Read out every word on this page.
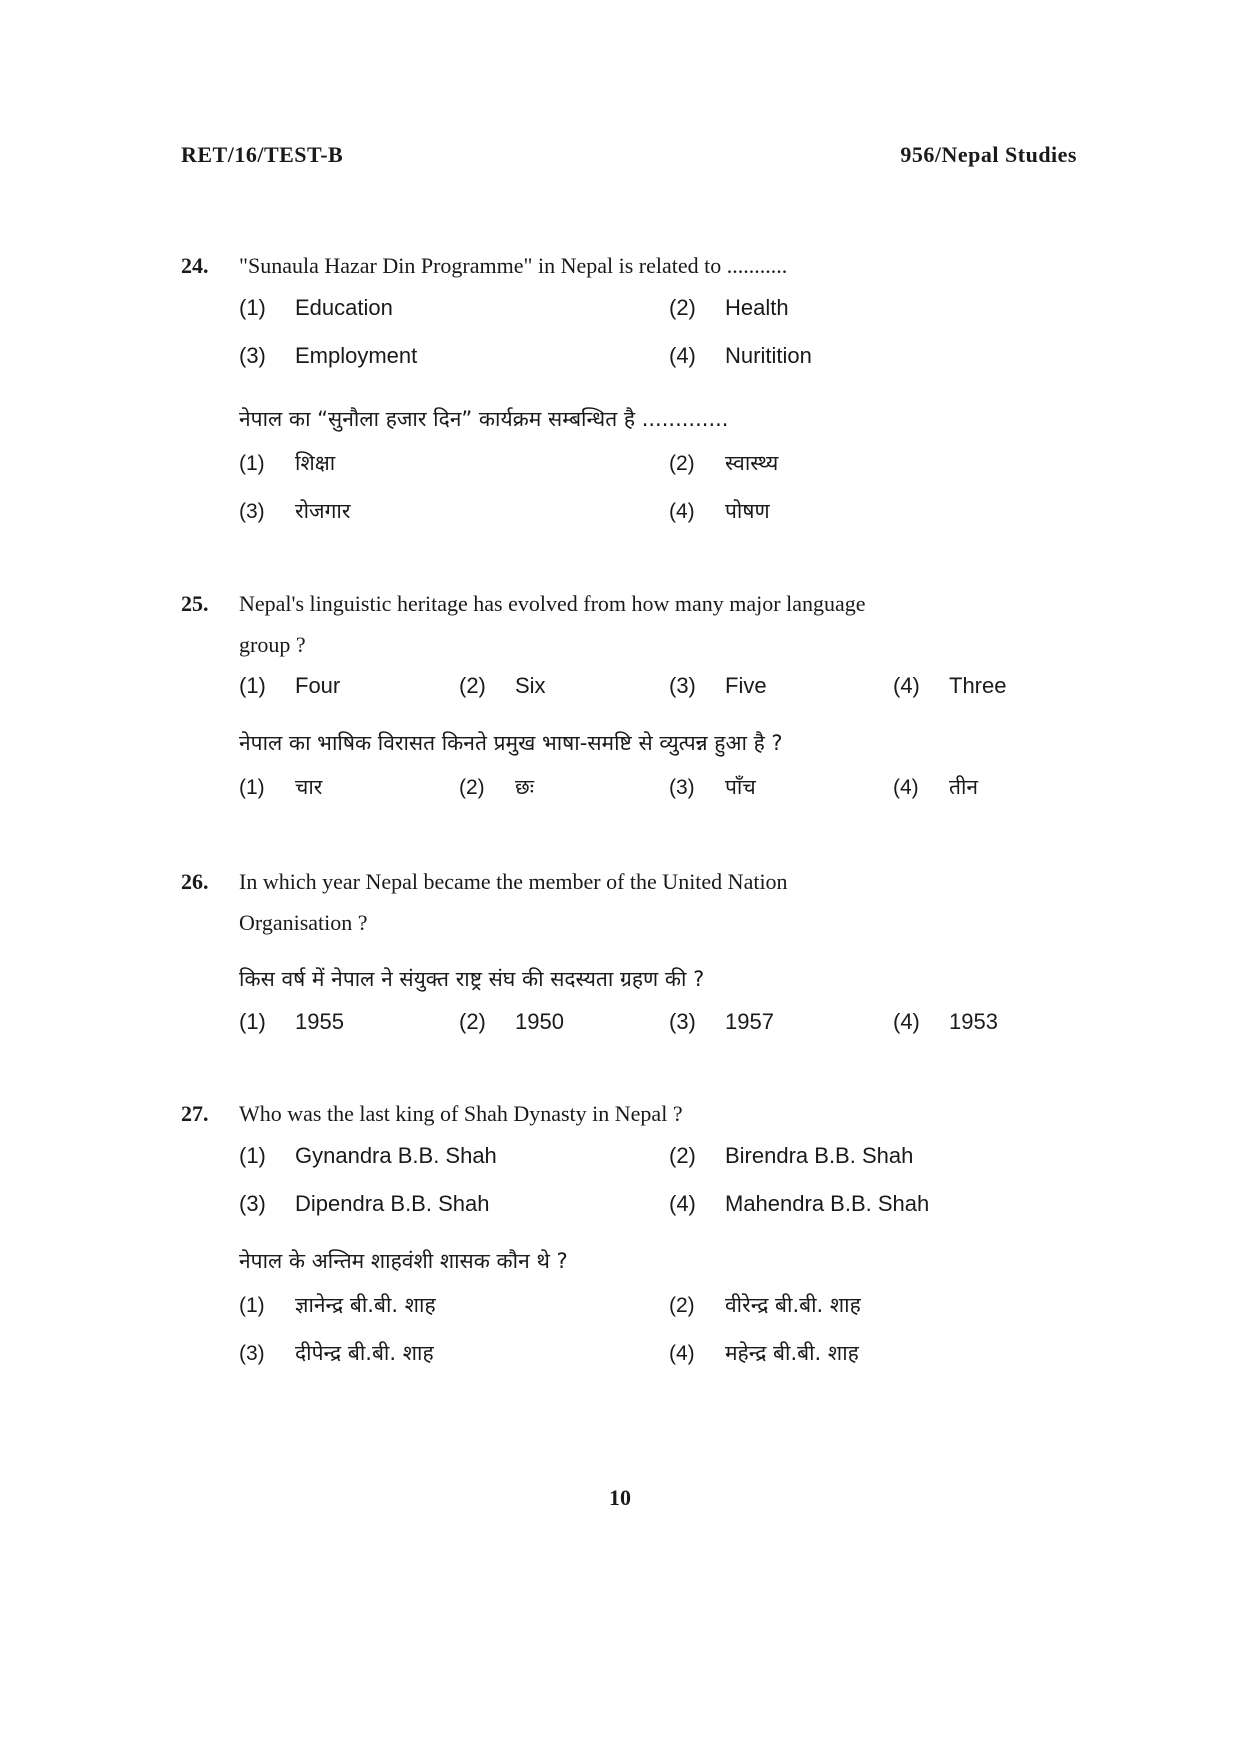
RET/16/TEST-B	956/Nepal Studies
24. "Sunaula Hazar Din Programme" in Nepal is related to ...........
(1) Education	(2) Health
(3) Employment	(4) Nuritition
नेपाल का “सुनौला हजार दिन” कार्यक्रम सम्बन्धित है .............
(1) शिक्षा	(2) स्वास्थ्य
(3) रोजगार	(4) पोषण
25. Nepal's linguistic heritage has evolved from how many major language
group ?
(1) Four	(2) Six	(3) Five	(4) Three
नेपाल का भाषिक विरासत किनते प्रमुख भाषा-समष्टि से व्युत्पन्न हुआ है ?
(1) चार	(2) छः	(3) पाँच	(4) तीन
26. In which year Nepal became the member of the United Nation
Organisation ?
किस वर्ष में नेपाल ने संयुक्त राष्ट्र संघ की सदस्यता ग्रहण की ?
(1) 1955	(2) 1950	(3) 1957	(4) 1953
27. Who was the last king of Shah Dynasty in Nepal ?
(1) Gynandra B.B. Shah	(2) Birendra B.B. Shah
(3) Dipendra B.B. Shah	(4) Mahendra B.B. Shah
नेपाल के अन्तिम शाहवंशी शासक कौन थे ?
(1) ज्ञानेन्द्र बी.बी. शाह	(2) वीरेन्द्र बी.बी. शाह
(3) दीपेन्द्र बी.बी. शाह	(4) महेन्द्र बी.बी. शाह
10
